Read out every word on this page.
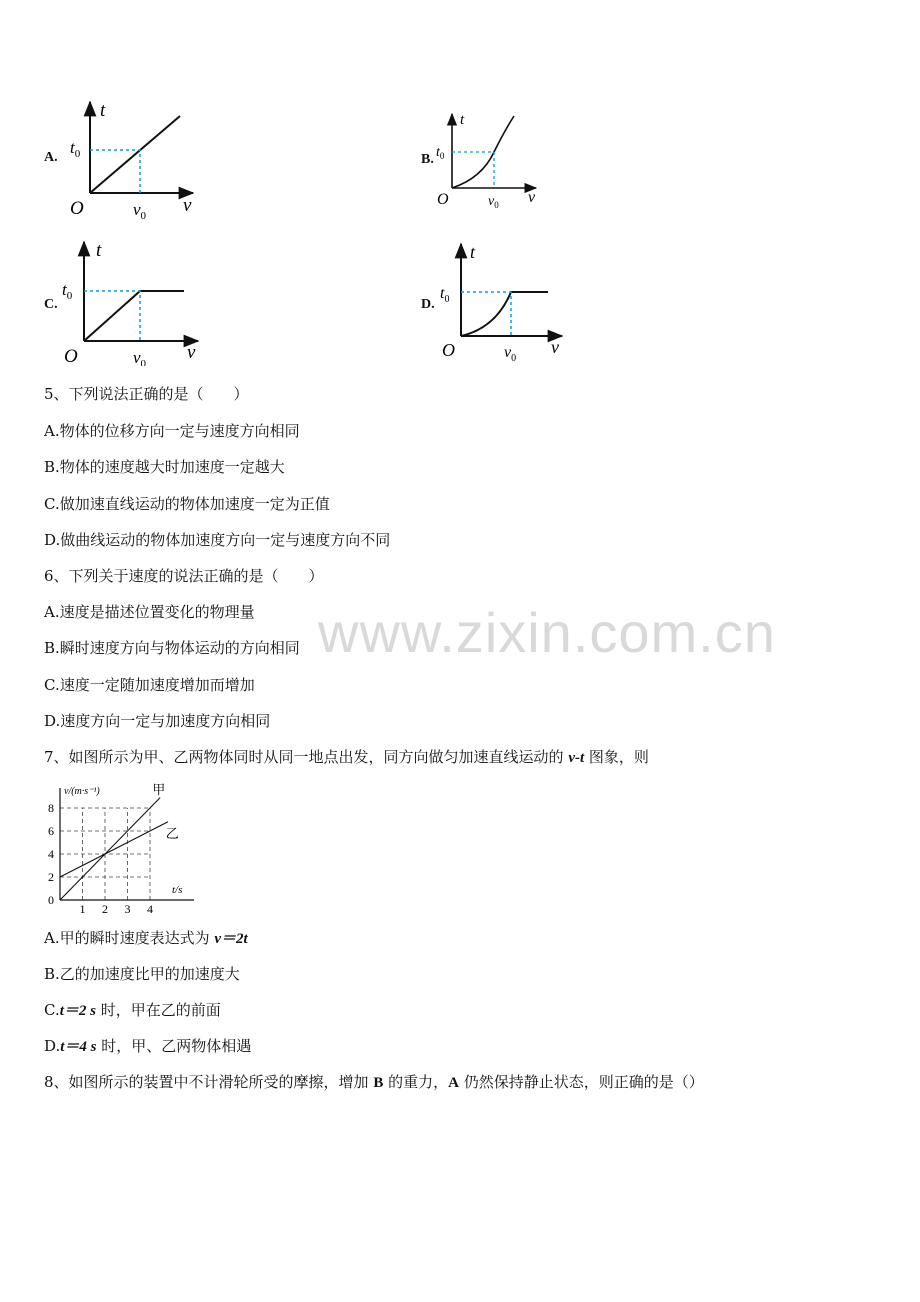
A.
t
$t_0$
O	$v_0$ v
B.
t
$t_0$
O	$v_0$ v
C.
t
$t_0$
O	$v_0$
v
D.
t
$t_0$
O	$v_0$
v
5、下列说法正确的是（　　）
A.物体的位移方向一定与速度方向相同
B.物体的速度越大时加速度一定越大
C.做加速直线运动的物体加速度一定为正值
D.做曲线运动的物体加速度方向一定与速度方向不同
6、下列关于速度的说法正确的是（　　）
A.速度是描述位置变化的物理量
B.瞬时速度方向与物体运动的方向相同
C.速度一定随加速度增加而增加
D.速度方向一定与加速度方向相同
7、如图所示为甲、乙两物体同时从同一地点出发，同方向做匀加速直线运动的 v-t 图象，则
1 2 3 4
0
2
4
6
8
甲
乙
v/(m·s⁻¹)
t/s
A.甲的瞬时速度表达式为 v＝2t
B.乙的加速度比甲的加速度大
C.t＝2 s 时，甲在乙的前面
D.t＝4 s 时，甲、乙两物体相遇
8、如图所示的装置中不计滑轮所受的摩擦，增加 B 的重力，A 仍然保持静止状态，则正确的是（）
www.zixin.com.cn
